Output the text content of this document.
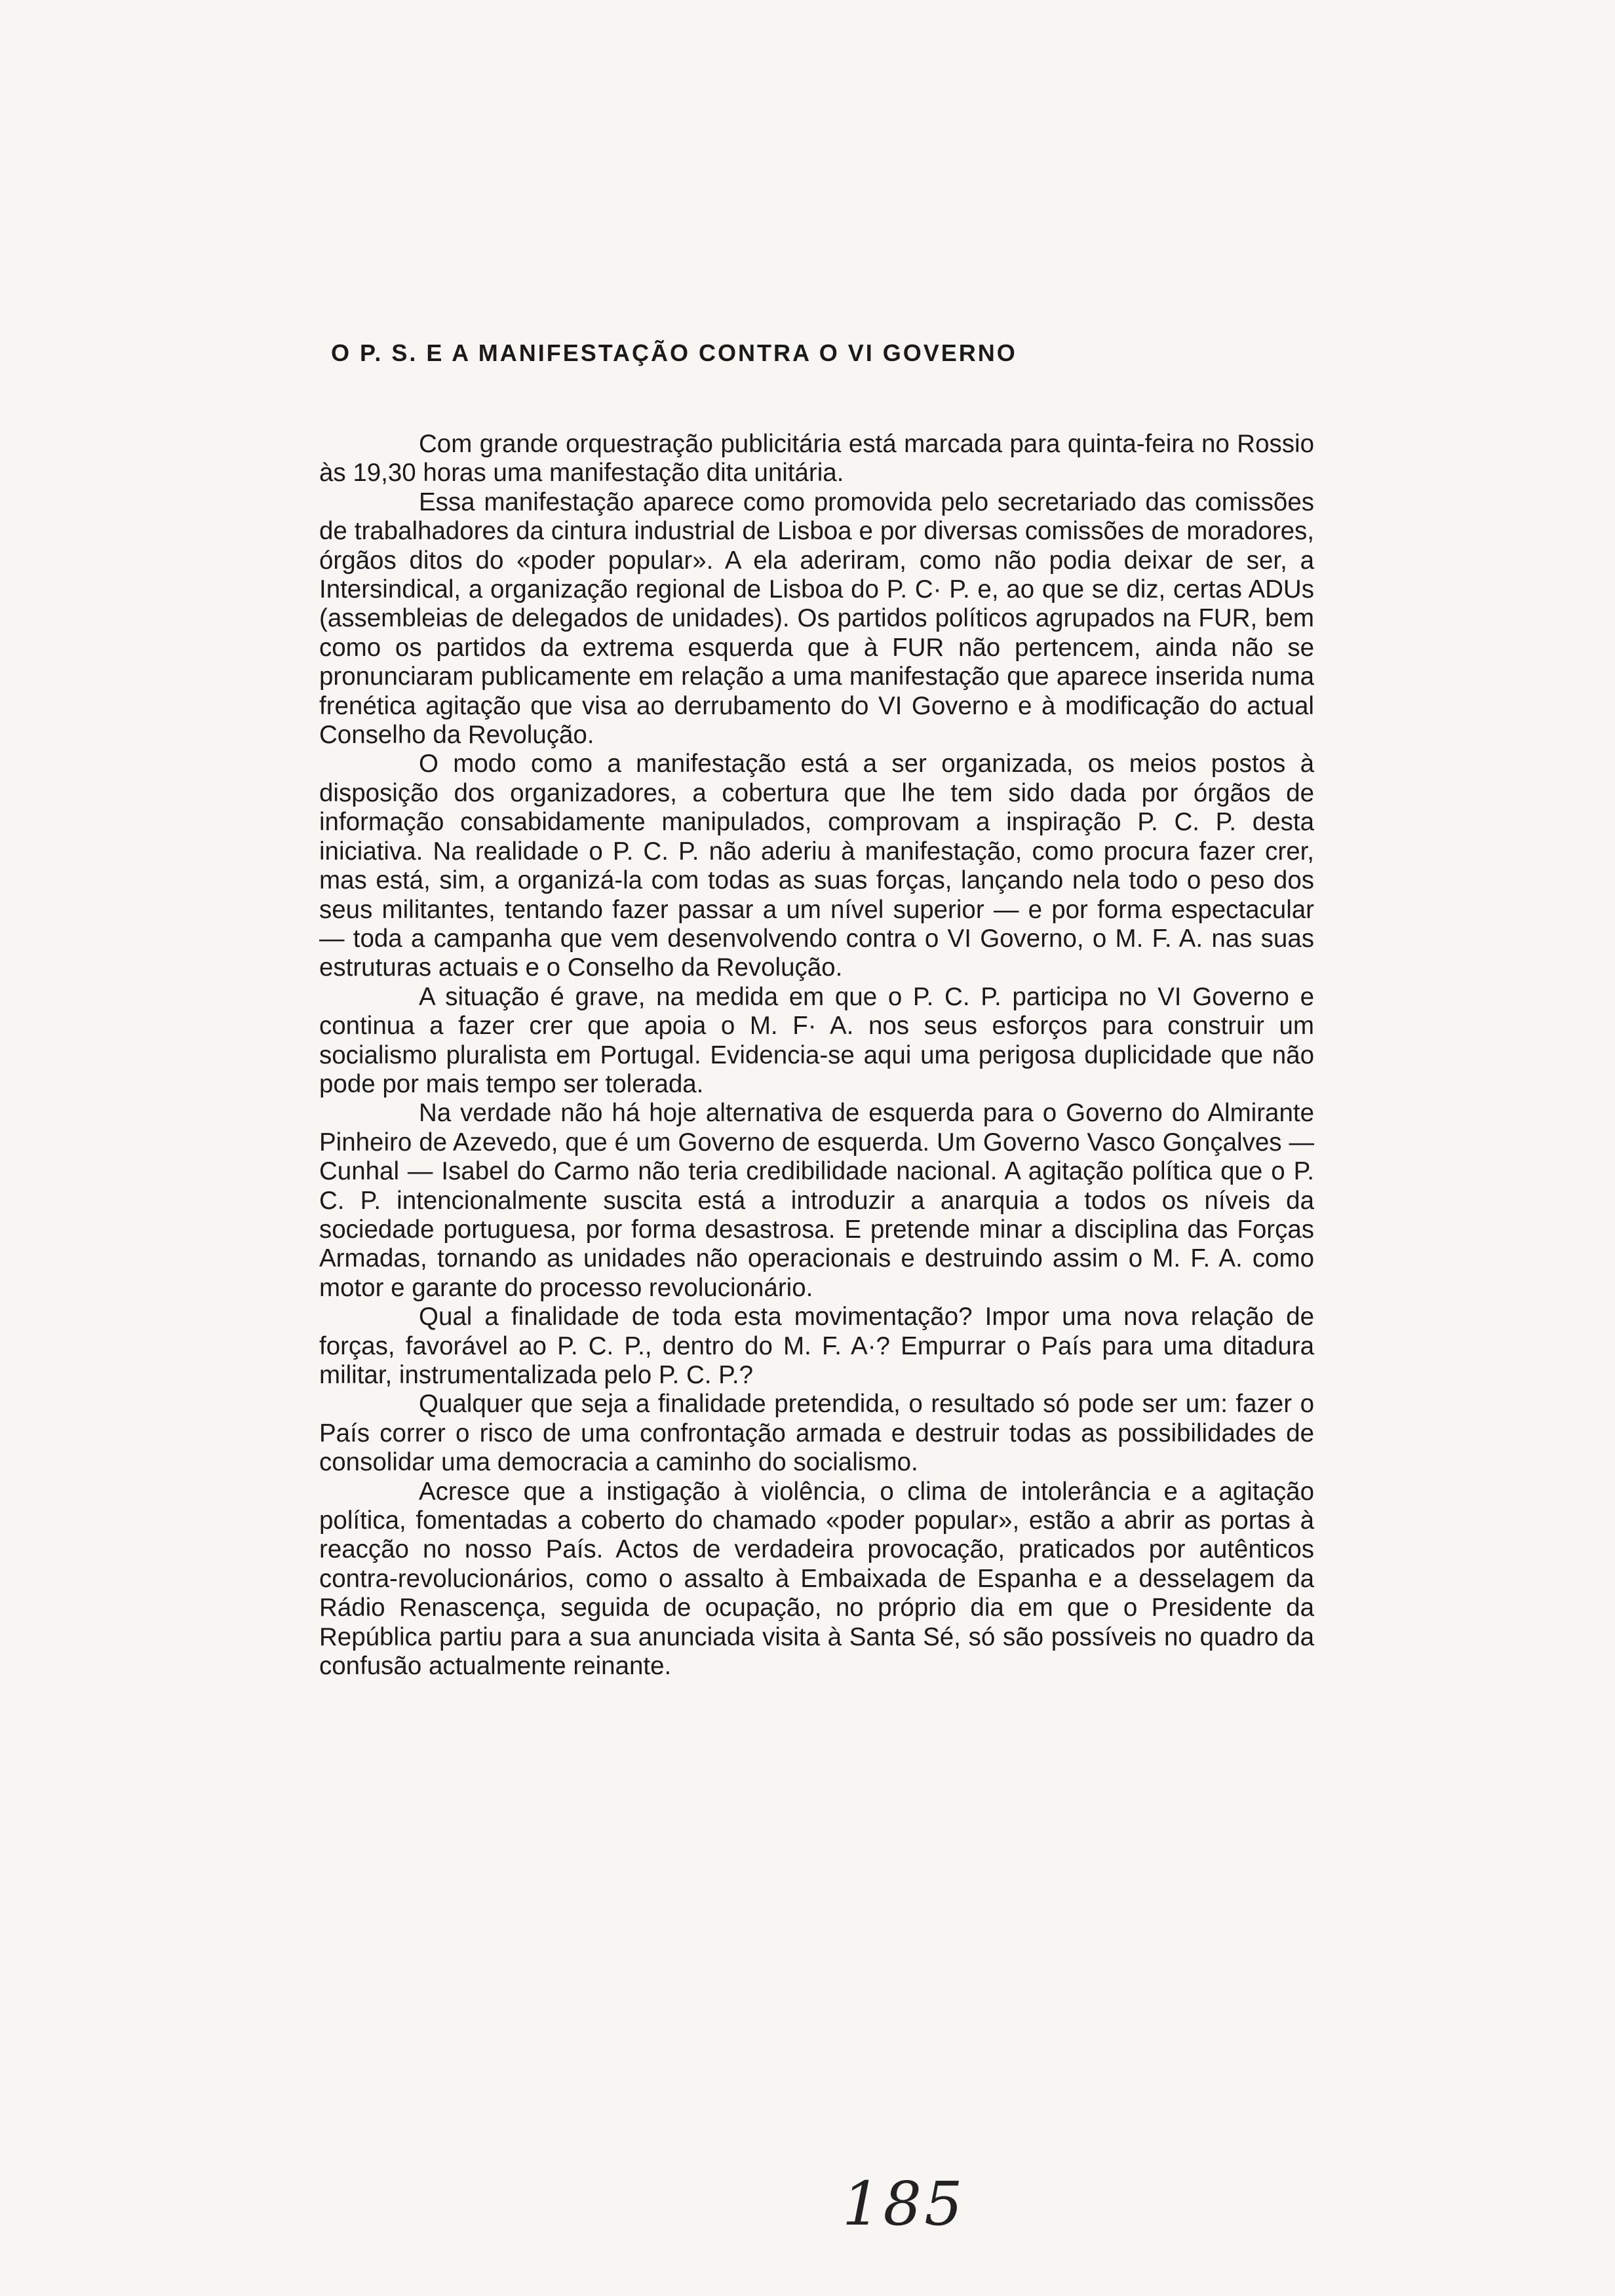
O P. S. E A MANIFESTAÇÃO CONTRA O VI GOVERNO

Com grande orquestração publicitária está marcada para quinta-feira no Rossio às 19,30 horas uma manifestação dita unitária.

Essa manifestação aparece como promovida pelo secretariado das comissões de trabalhadores da cintura industrial de Lisboa e por diversas comissões de moradores, órgãos ditos do «poder popular». A ela aderiram, como não podia deixar de ser, a Intersindical, a organização regional de Lisboa do P. C· P. e, ao que se diz, certas ADUs (assembleias de delegados de unidades). Os partidos políticos agrupados na FUR, bem como os partidos da extrema esquerda que à FUR não pertencem, ainda não se pronunciaram publicamente em relação a uma manifestação que aparece inserida numa frenética agitação que visa ao derrubamento do VI Governo e à modificação do actual Conselho da Revolução.

O modo como a manifestação está a ser organizada, os meios postos à disposição dos organizadores, a cobertura que lhe tem sido dada por órgãos de informação consabidamente manipulados, comprovam a inspiração P. C. P. desta iniciativa. Na realidade o P. C. P. não aderiu à manifestação, como procura fazer crer, mas está, sim, a organizá-la com todas as suas forças, lançando nela todo o peso dos seus militantes, tentando fazer passar a um nível superior — e por forma espectacular — toda a campanha que vem desenvolvendo contra o VI Governo, o M. F. A. nas suas estruturas actuais e o Conselho da Revolução.

A situação é grave, na medida em que o P. C. P. participa no VI Governo e continua a fazer crer que apoia o M. F· A. nos seus esforços para construir um socialismo pluralista em Portugal. Evidencia-se aqui uma perigosa duplicidade que não pode por mais tempo ser tolerada.

Na verdade não há hoje alternativa de esquerda para o Governo do Almirante Pinheiro de Azevedo, que é um Governo de esquerda. Um Governo Vasco Gonçalves — Cunhal — Isabel do Carmo não teria credibilidade nacional. A agitação política que o P. C. P. intencionalmente suscita está a introduzir a anarquia a todos os níveis da sociedade portuguesa, por forma desastrosa. E pretende minar a disciplina das Forças Armadas, tornando as unidades não operacionais e destruindo assim o M. F. A. como motor e garante do processo revolucionário.

Qual a finalidade de toda esta movimentação? Impor uma nova relação de forças, favorável ao P. C. P., dentro do M. F. A·? Empurrar o País para uma ditadura militar, instrumentalizada pelo P. C. P.?

Qualquer que seja a finalidade pretendida, o resultado só pode ser um: fazer o País correr o risco de uma confrontação armada e destruir todas as possibilidades de consolidar uma democracia a caminho do socialismo.

Acresce que a instigação à violência, o clima de intolerância e a agitação política, fomentadas a coberto do chamado «poder popular», estão a abrir as portas à reacção no nosso País. Actos de verdadeira provocação, praticados por autênticos contra-revolucionários, como o assalto à Embaixada de Espanha e a desselagem da Rádio Renascença, seguida de ocupação, no próprio dia em que o Presidente da República partiu para a sua anunciada visita à Santa Sé, só são possíveis no quadro da confusão actualmente reinante.

185
